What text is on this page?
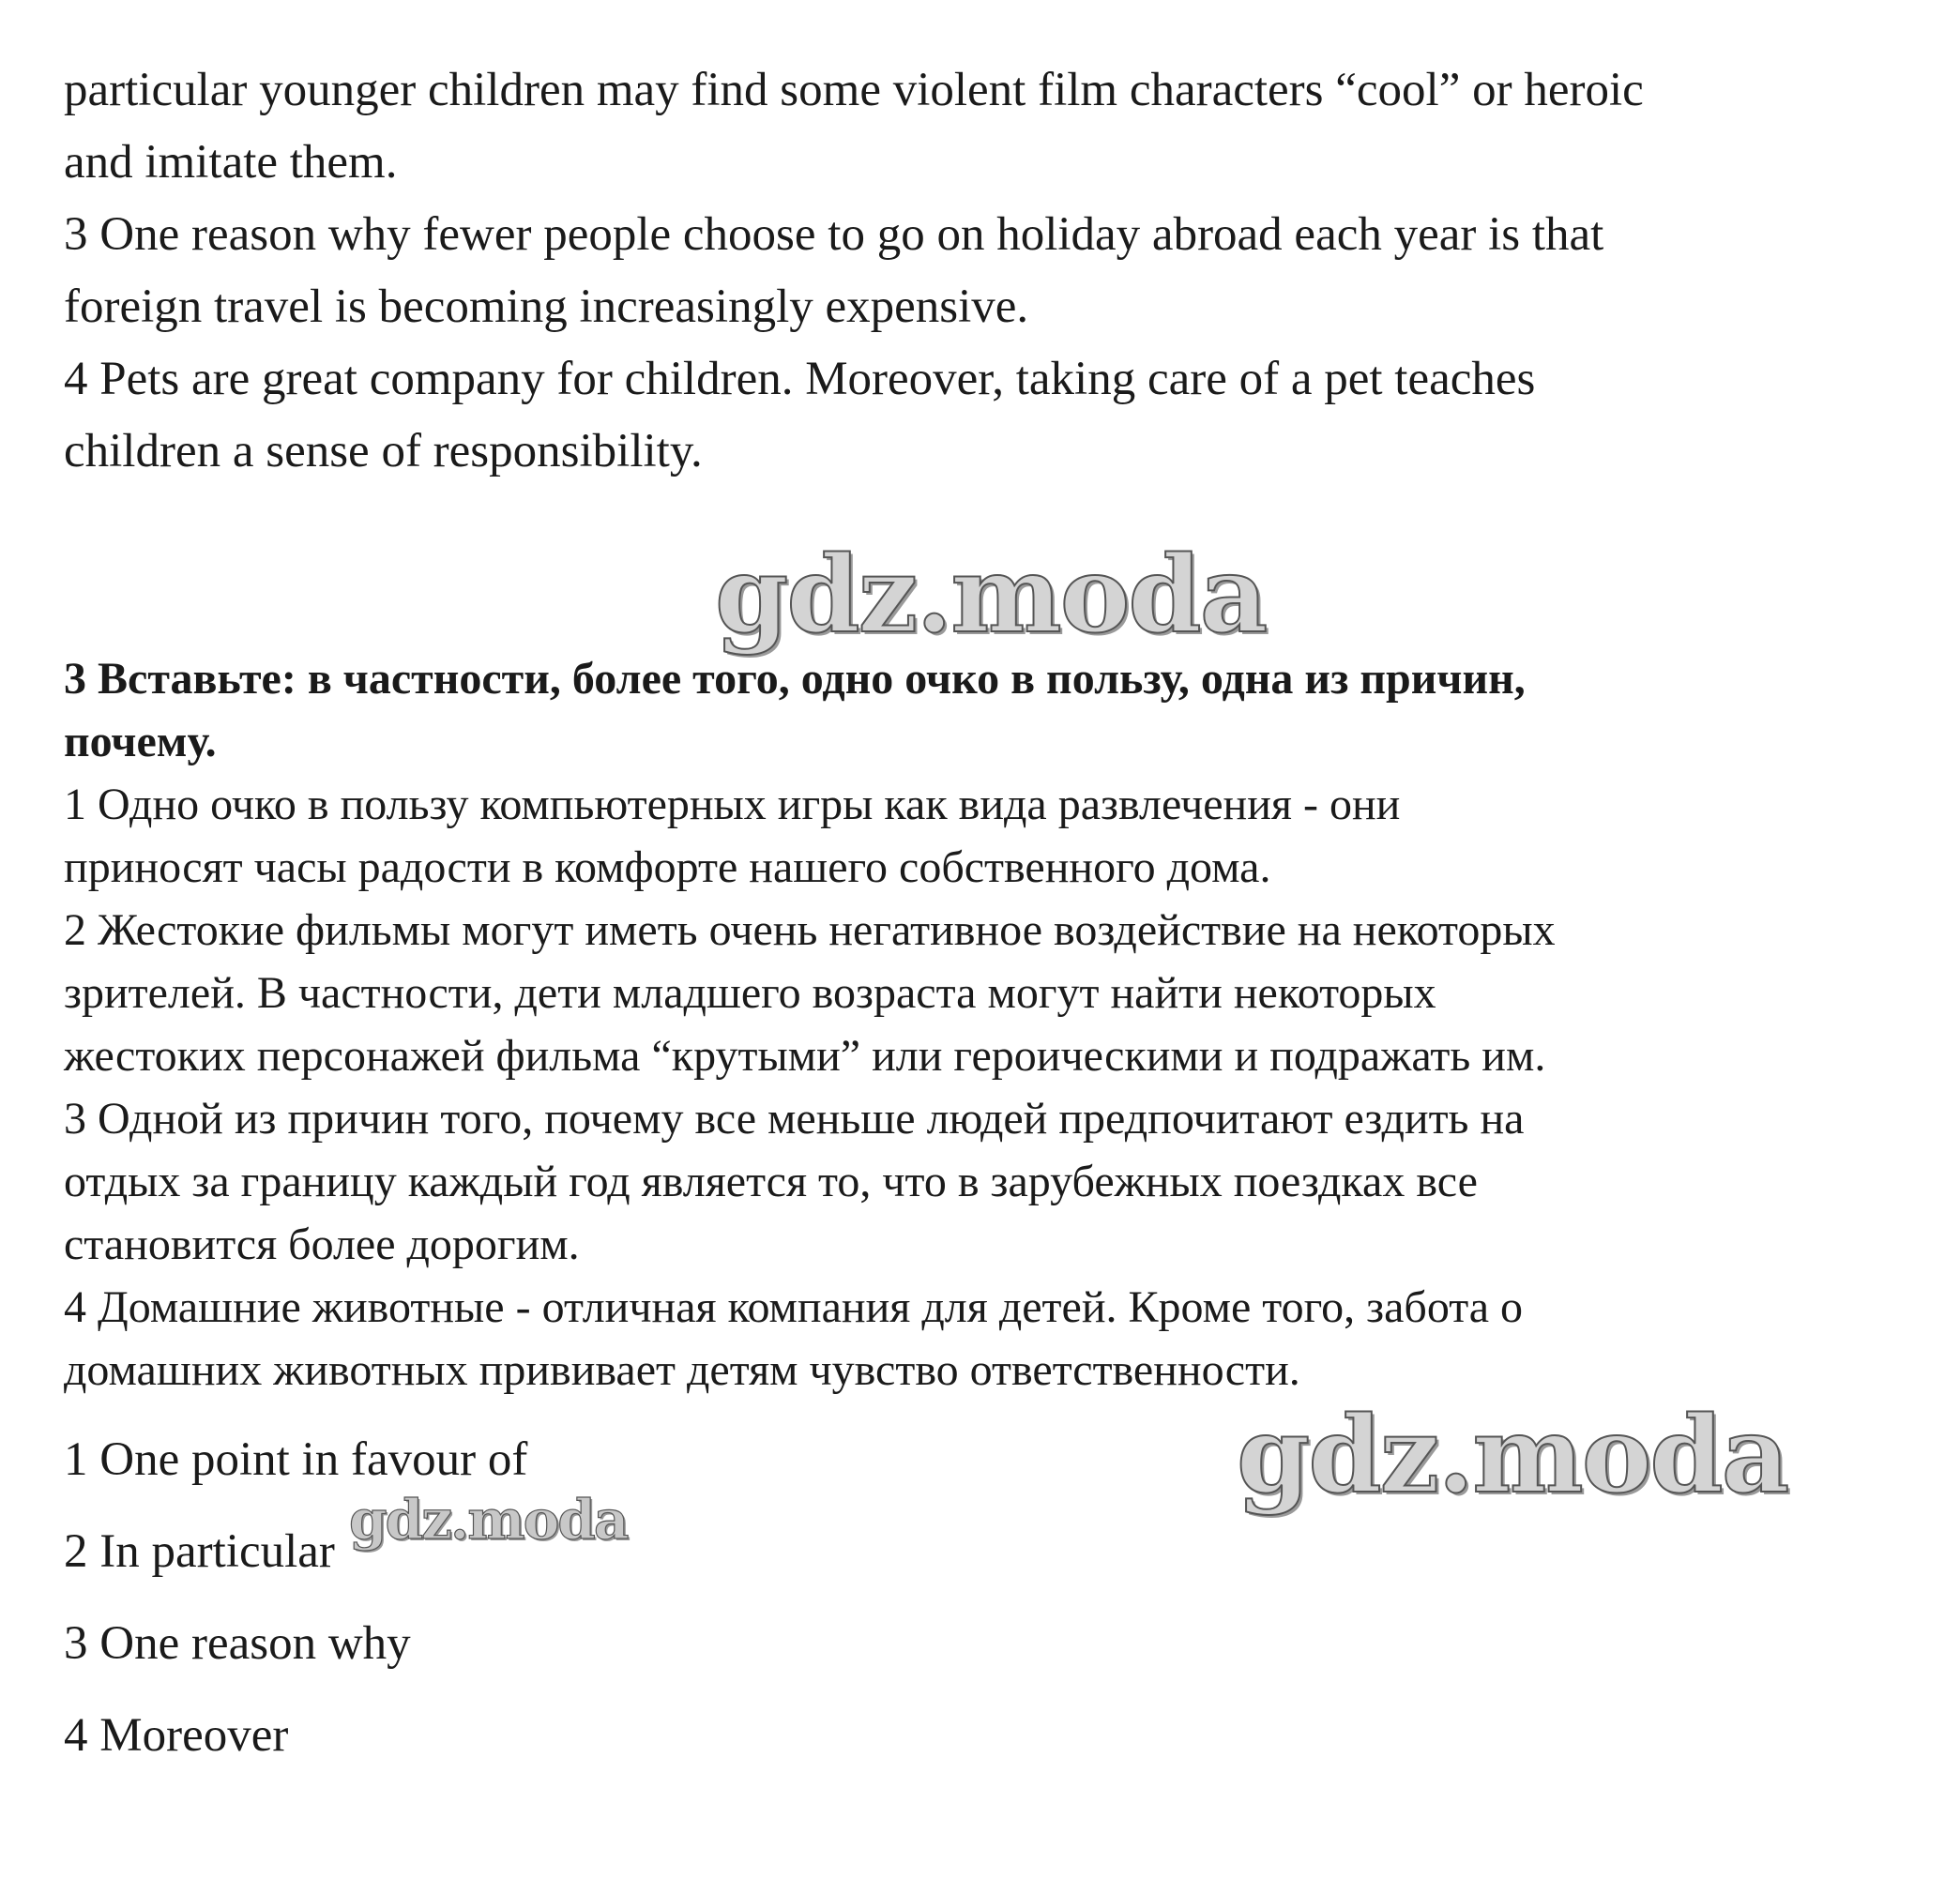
particular younger children may find some violent film characters “cool” or heroic
and imitate them.
3 One reason why fewer people choose to go on holiday abroad each year is that
foreign travel is becoming increasingly expensive.
4 Pets are great company for children. Moreover, taking care of a pet teaches
children a sense of responsibility.
3 Вставьте: в частности, более того, одно очко в пользу, одна из причин,
почему.
1 Одно очко в пользу компьютерных игры как вида развлечения - они
приносят часы радости в комфорте нашего собственного дома.
2 Жестокие фильмы могут иметь очень негативное воздействие на некоторых
зрителей. В частности, дети младшего возраста могут найти некоторых
жестоких персонажей фильма “крутыми” или героическими и подражать им.
3 Одной из причин того, почему все меньше людей предпочитают ездить на
отдых за границу каждый год является то, что в зарубежных поездках все
становится более дорогим.
4 Домашние животные - отличная компания для детей. Кроме того, забота о
домашних животных прививает детям чувство ответственности.
1 One point in favour of
2 In particular
3 One reason why
4 Moreover
gdz.moda
gdz.moda
gdz.moda
